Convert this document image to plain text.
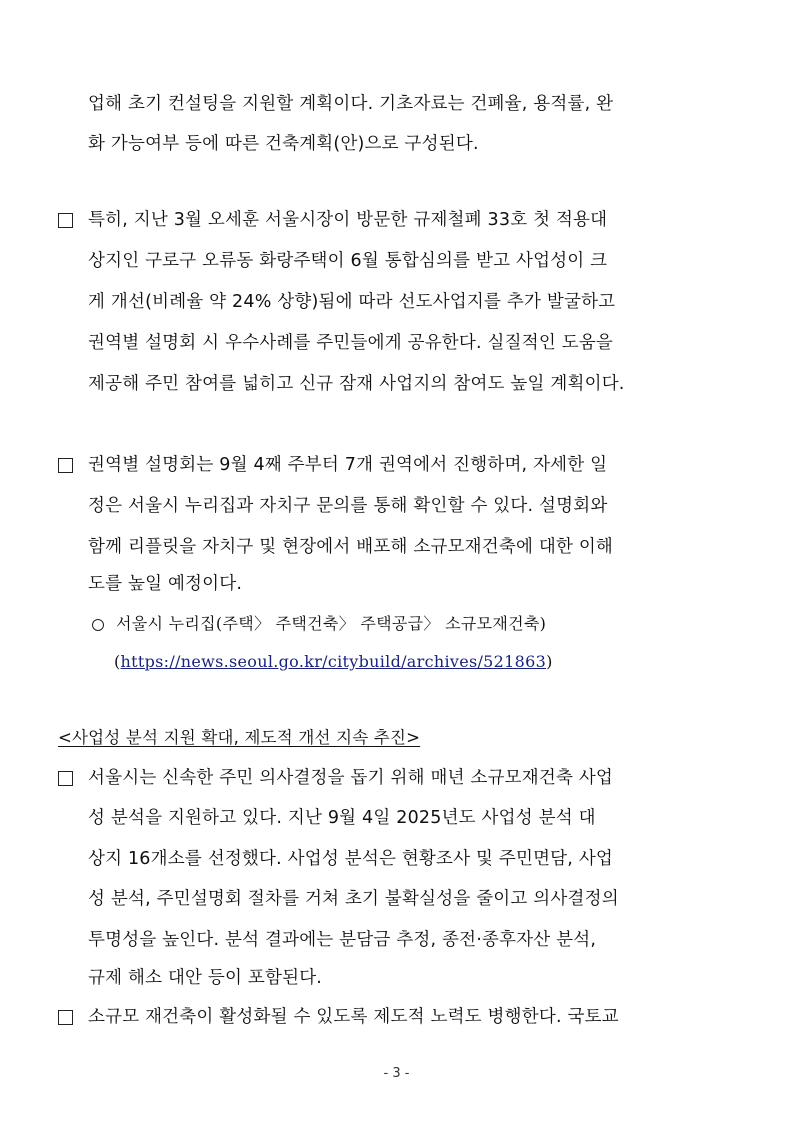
업해 초기 컨설팅을 지원할 계획이다. 기초자료는 건폐율, 용적률, 완
화 가능여부 등에 따른 건축계획(안)으로 구성된다.
특히, 지난 3월 오세훈 서울시장이 방문한 규제철폐 33호 첫 적용대
상지인 구로구 오류동 화랑주택이 6월 통합심의를 받고 사업성이 크
게 개선(비례율 약 24% 상향)됨에 따라 선도사업지를 추가 발굴하고
권역별 설명회 시 우수사례를 주민들에게 공유한다. 실질적인 도움을
제공해 주민 참여를 넓히고 신규 잠재 사업지의 참여도 높일 계획이다.
권역별 설명회는 9월 4째 주부터 7개 권역에서 진행하며, 자세한 일
정은 서울시 누리집과 자치구 문의를 통해 확인할 수 있다. 설명회와
함께 리플릿을 자치구 및 현장에서 배포해 소규모재건축에 대한 이해
도를 높일 예정이다.
서울시 누리집(주택〉 주택건축〉 주택공급〉 소규모재건축)
(https://news.seoul.go.kr/citybuild/archives/521863)
<사업성 분석 지원 확대, 제도적 개선 지속 추진>
서울시는 신속한 주민 의사결정을 돕기 위해 매년 소규모재건축 사업
성 분석을 지원하고 있다. 지난 9월 4일 2025년도 사업성 분석 대
상지 16개소를 선정했다. 사업성 분석은 현황조사 및 주민면담, 사업
성 분석, 주민설명회 절차를 거쳐 초기 불확실성을 줄이고 의사결정의
투명성을 높인다. 분석 결과에는 분담금 추정, 종전·종후자산 분석,
규제 해소 대안 등이 포함된다.
소규모 재건축이 활성화될 수 있도록 제도적 노력도 병행한다. 국토교
- 3 -
